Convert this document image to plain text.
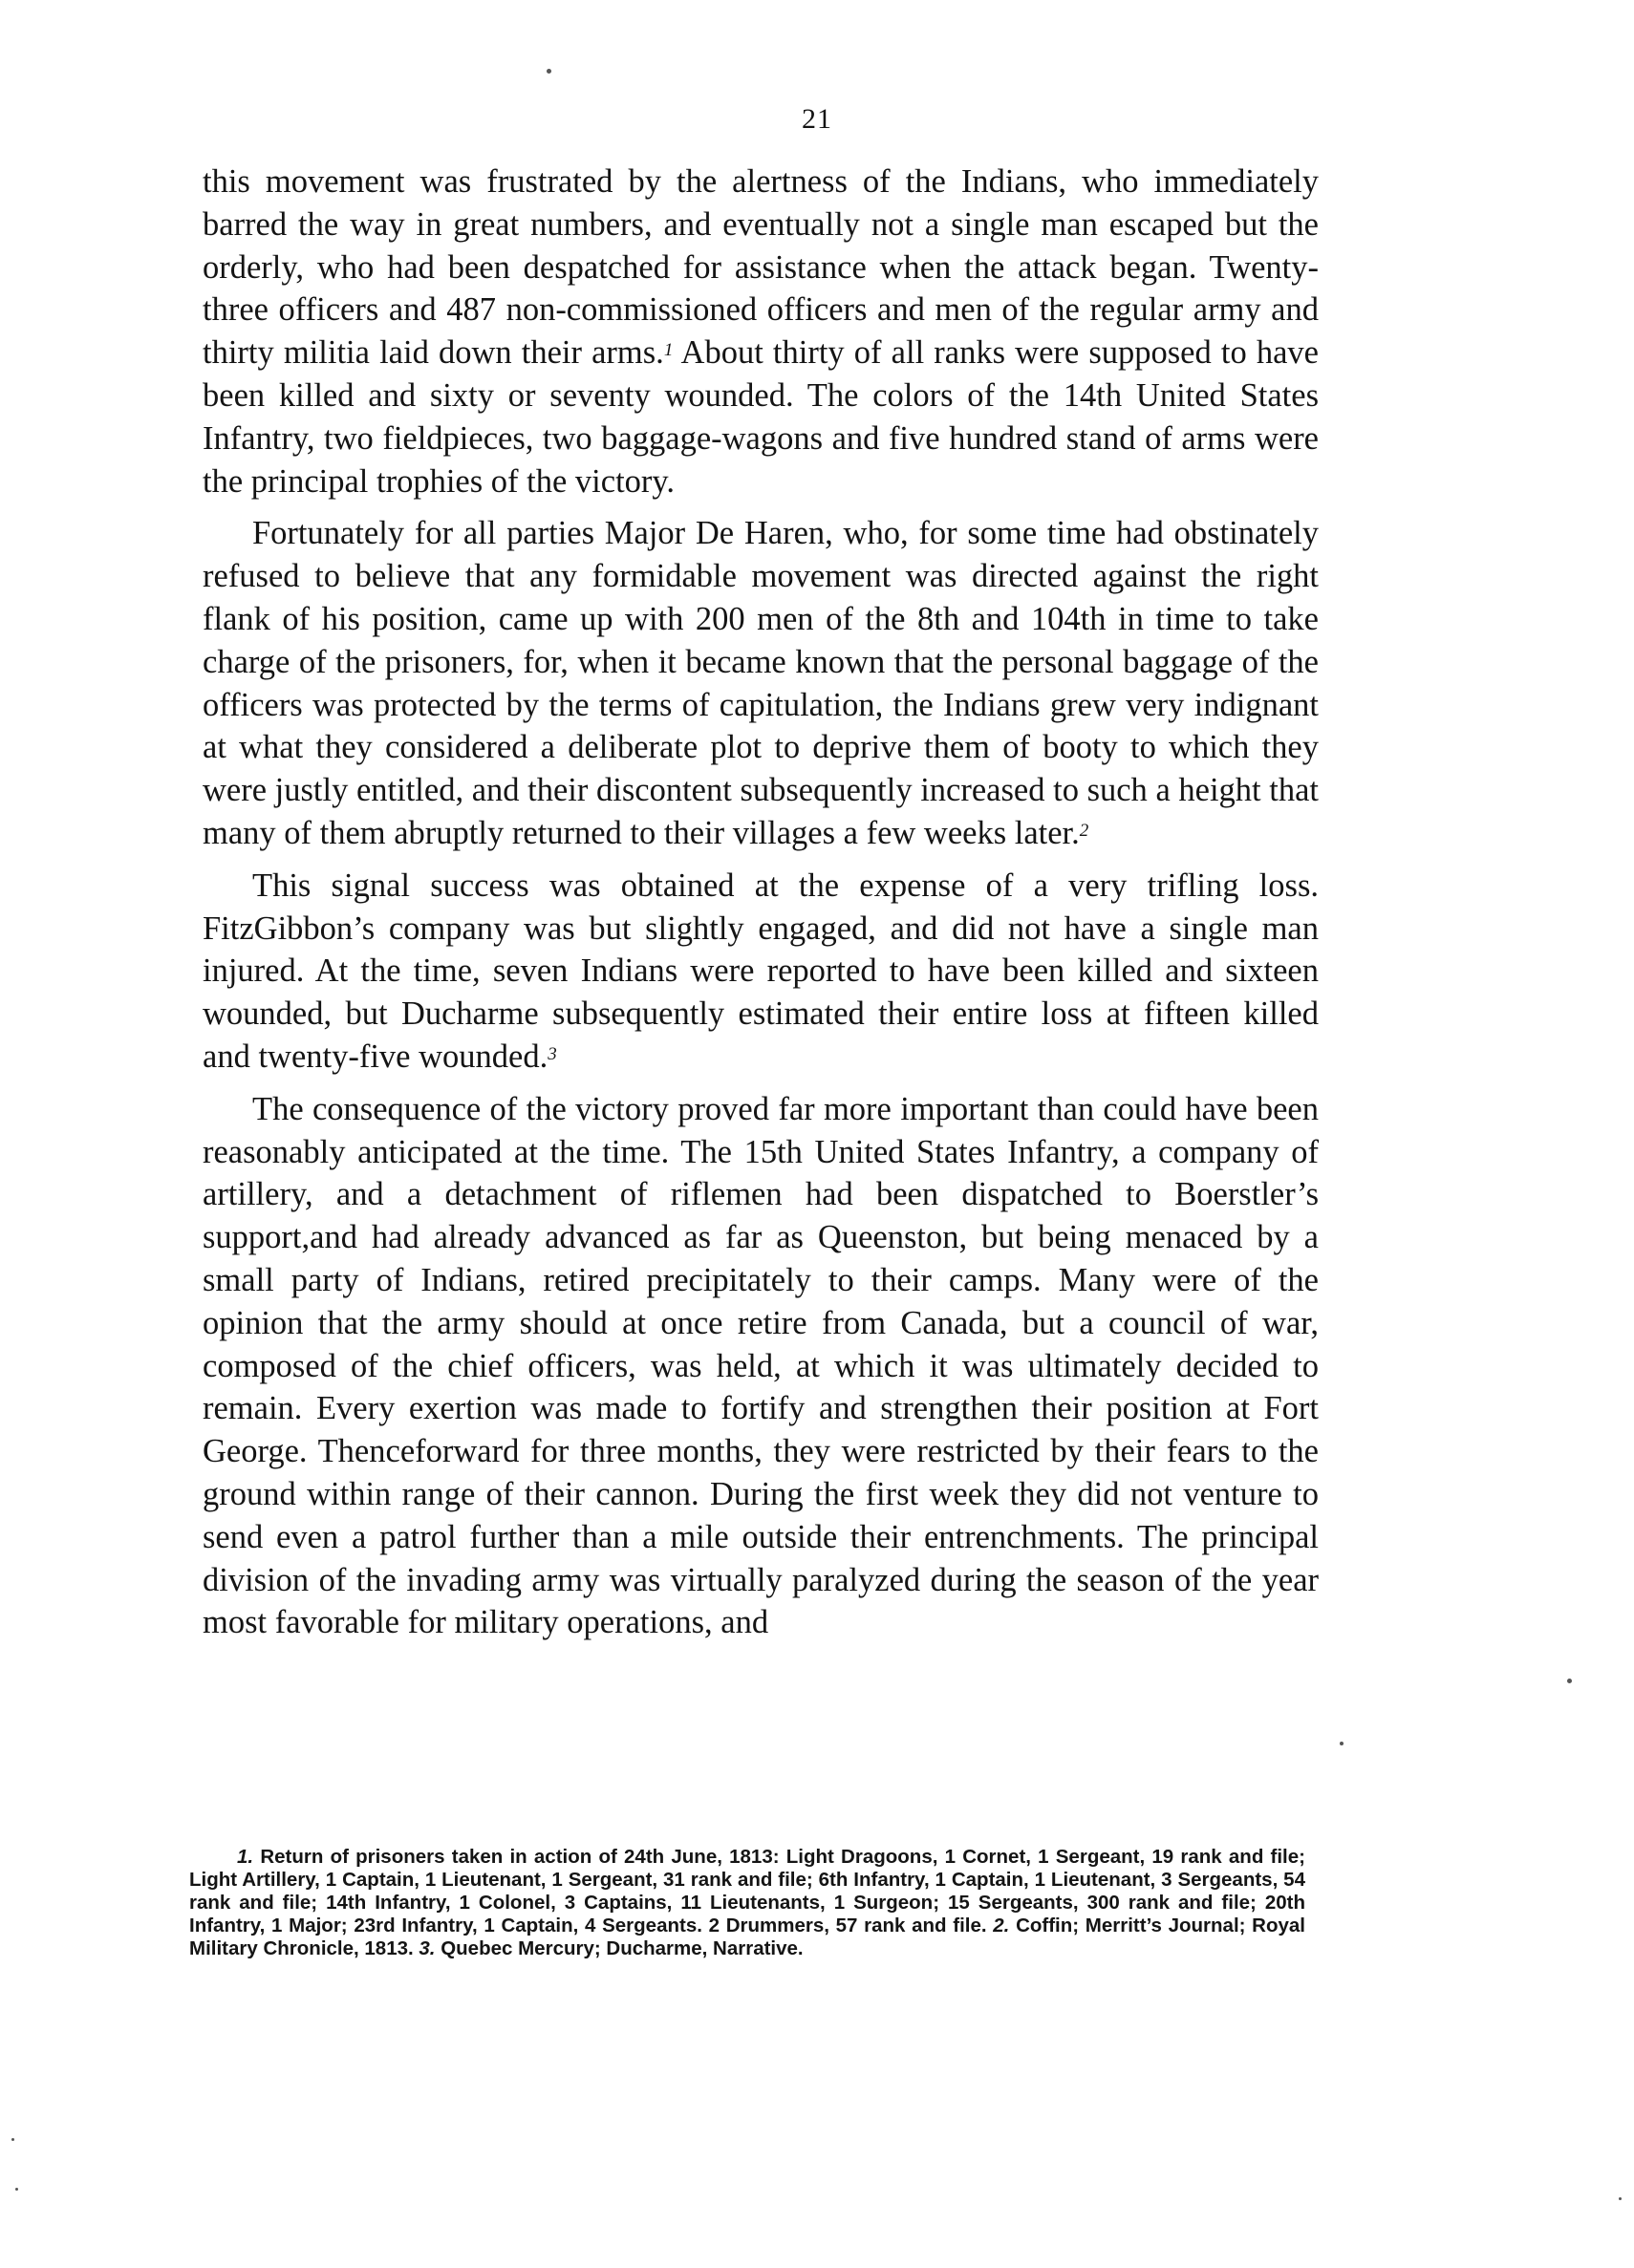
21

this movement was frustrated by the alertness of the Indians, who immediately barred the way in great numbers, and eventually not a single man escaped but the orderly, who had been despatched for assistance when the attack began. Twenty-three officers and 487 non-commissioned officers and men of the regular army and thirty militia laid down their arms.$^1$ About thirty of all ranks were supposed to have been killed and sixty or seventy wounded. The colors of the 14th United States Infantry, two fieldpieces, two baggage-wagons and five hundred stand of arms were the principal trophies of the victory.

Fortunately for all parties Major De Haren, who, for some time had obstinately refused to believe that any formidable movement was directed against the right flank of his position, came up with 200 men of the 8th and 104th in time to take charge of the prisoners, for, when it became known that the personal baggage of the officers was protected by the terms of capitulation, the Indians grew very indignant at what they considered a deliberate plot to deprive them of booty to which they were justly entitled, and their discontent subsequently increased to such a height that many of them abruptly returned to their villages a few weeks later.$^2$

This signal success was obtained at the expense of a very trifling loss. FitzGibbon’s company was but slightly engaged, and did not have a single man injured. At the time, seven Indians were reported to have been killed and sixteen wounded, but Ducharme subsequently estimated their entire loss at fifteen killed and twenty-five wounded.$^3$

The consequence of the victory proved far more important than could have been reasonably anticipated at the time. The 15th United States Infantry, a company of artillery, and a detachment of riflemen had been dispatched to Boerstler’s support,and had already advanced as far as Queenston, but being menaced by a small party of Indians, retired precipitately to their camps. Many were of the opinion that the army should at once retire from Canada, but a council of war, composed of the chief officers, was held, at which it was ultimately decided to remain. Every exertion was made to fortify and strengthen their position at Fort George. Thenceforward for three months, they were restricted by their fears to the ground within range of their cannon. During the first week they did not venture to send even a patrol further than a mile outside their entrenchments. The principal division of the invading army was virtually paralyzed during the season of the year most favorable for military operations, and

1. Return of prisoners taken in action of 24th June, 1813: Light Dragoons, 1 Cornet, 1 Sergeant, 19 rank and file; Light Artillery, 1 Captain, 1 Lieutenant, 1 Sergeant, 31 rank and file; 6th Infantry, 1 Captain, 1 Lieutenant, 3 Sergeants, 54 rank and file; 14th Infantry, 1 Colonel, 3 Captains, 11 Lieutenants, 1 Surgeon; 15 Sergeants, 300 rank and file; 20th Infantry, 1 Major; 23rd Infantry, 1 Captain, 4 Sergeants. 2 Drummers, 57 rank and file. 2. Coffin; Merritt’s Journal; Royal Military Chronicle, 1813. 3. Quebec Mercury; Ducharme, Narrative.
